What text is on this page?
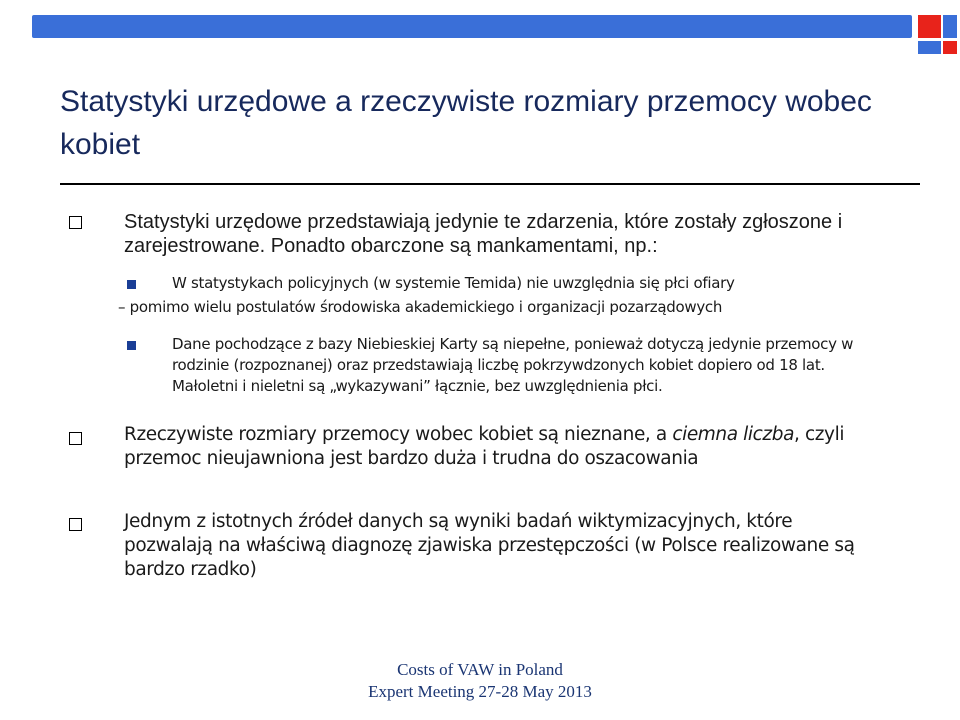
Statystyki urzędowe a rzeczywiste rozmiary przemocy wobec kobiet

Statystyki urzędowe przedstawiają jedynie te zdarzenia, które zostały zgłoszone i zarejestrowane. Ponadto obarczone są mankamentami, np.:

W statystykach policyjnych (w systemie Temida) nie uwzględnia się płci ofiary

– pomimo wielu postulatów środowiska akademickiego i organizacji pozarządowych

Dane pochodzące z bazy Niebieskiej Karty są niepełne, ponieważ dotyczą jedynie przemocy w rodzinie (rozpoznanej) oraz przedstawiają liczbę pokrzywdzonych kobiet dopiero od 18 lat. Małoletni i nieletni są „wykazywani” łącznie, bez uwzględnienia płci.

Rzeczywiste rozmiary przemocy wobec kobiet są nieznane, a ciemna liczba, czyli przemoc nieujawniona jest bardzo duża i trudna do oszacowania

Jednym z istotnych źródeł danych są wyniki badań wiktymizacyjnych, które pozwalają na właściwą diagnozę zjawiska przestępczości (w Polsce realizowane są bardzo rzadko)

Costs of VAW in Poland
Expert Meeting 27-28 May 2013
